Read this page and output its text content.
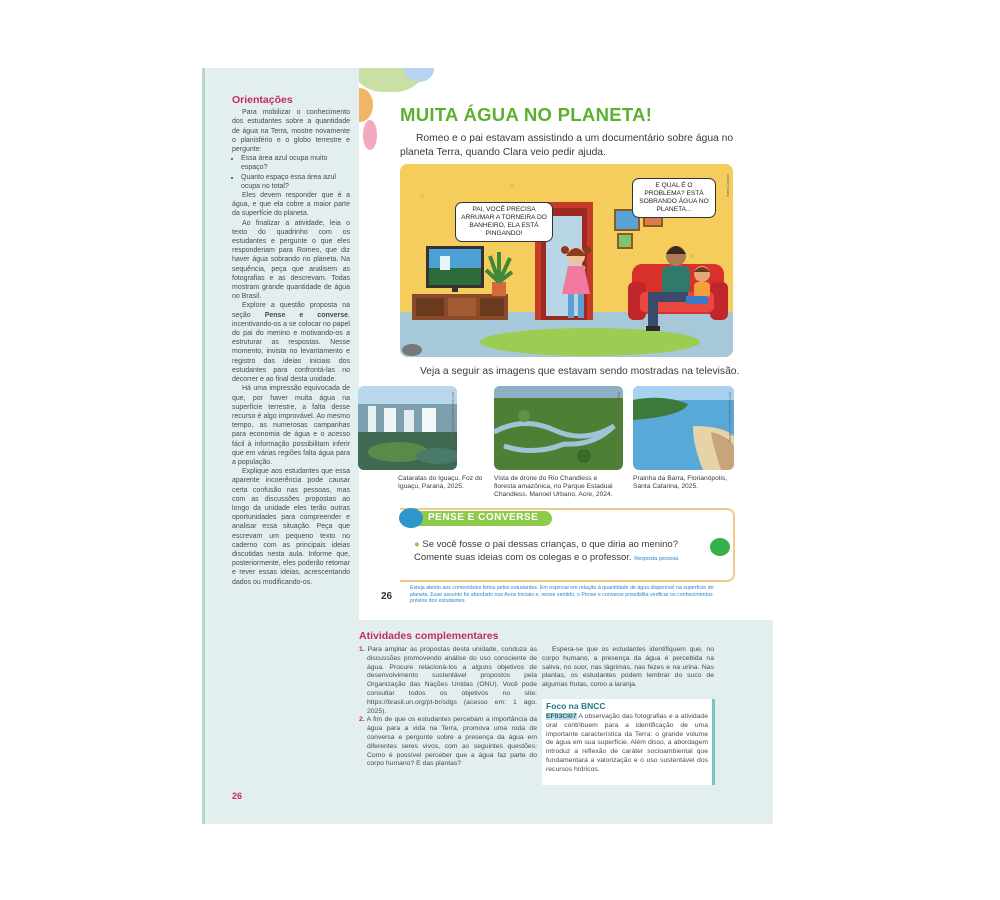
Orientações

Para mobilizar o conhecimento dos estudantes sobre a quantidade de água na Terra, mostre novamente o planisfério e o globo terrestre e pergunte:

• Essa área azul ocupa muito espaço?
• Quanto espaço essa área azul ocupa no total?

Eles devem responder que é a água, e que ela cobre a maior parte da superfície do planeta.

Ao finalizar a atividade, leia o texto do quadrinho com os estudantes e pergunte o que eles responderiam para Romeo, que diz haver água sobrando no planeta. Na sequência, peça que analisem as fotografias e as descrevam. Todas mostram grande quantidade de água no Brasil.

Explore a questão proposta na seção Pense e converse, incentivando-os a se colocar no papel do pai do menino e motivando-os a estruturar as respostas. Nesse momento, invista no levantamento e registro das ideias iniciais dos estudantes para confrontá-las no decorrer e ao final desta unidade.

Há uma impressão equivocada de que, por haver muita água na superfície terrestre, a falta desse recurso é algo improvável. Ao mesmo tempo, as numerosas campanhas para economia de água e o acesso fácil à informação possibilitam inferir que em várias regiões falta água para a população.

Explique aos estudantes que essa aparente incoerência pode causar certa confusão nas pessoas, mas com as discussões propostas ao longo da unidade eles terão outras oportunidades para compreender e analisar essa situação. Peça que escrevam um pequeno texto no caderno com as principais ideias discutidas nesta aula. Informe que, posteriormente, eles poderão retomar e rever essas ideias, acrescentando dados ou modificando-os.

MUITA ÁGUA NO PLANETA!

Romeo e o pai estavam assistindo a um documentário sobre água no planeta Terra, quando Clara veio pedir ajuda.

Ilustra Cartoon
PAI, VOCÊ PRECISA ARRUMAR A TORNEIRA DO BANHEIRO, ELA ESTÁ PINGANDO!
E QUAL É O PROBLEMA? ESTÁ SOBRANDO ÁGUA NO PLANETA...

Veja a seguir as imagens que estavam sendo mostradas na televisão.

Luciano Queiroz/Shutterstock.com	Marcio Isensee/Pulsar Imagens	Sergio Ranalli/Shutterstock.com
Cataratas do Iguaçu. Foz do Iguaçu, Paraná, 2025.
Vista de drone do Rio Chandless e floresta amazônica, no Parque Estadual Chandless. Manoel Urbano, Acre, 2024.
Prainha da Barra, Florianópolis, Santa Catarina, 2025.
PENSE E CONVERSE
● Se você fosse o pai dessas crianças, o que diria ao menino? Comente suas ideias com os colegas e o professor. Resposta pessoal.
26
Esteja atento aos comentários feitos pelos estudantes. Em especial em relação à quantidade de água disponível na superfície do planeta. Esse assunto foi abordado nos Anos Iniciais e, nesse sentido, o Pense e converse possibilita verificar os conhecimentos prévios dos estudantes.
Atividades complementares
1. Para ampliar as propostas desta unidade, conduza as discussões promovendo análise do uso consciente de água. Procure relacioná-los a alguns objetivos de desenvolvimento sustentável propostos pela Organização das Nações Unidas (ONU). Você pode consultar todos os objetivos no site: https://brasil.un.org/pt-br/sdgs (acesso em: 1 ago. 2025).
2. A fim de que os estudantes percebam a importância da água para a vida na Terra, promova uma roda de conversa e pergunte sobre a presença da água em diferentes seres vivos, com as seguintes questões: Como é possível perceber que a água faz parte do corpo humano? E das plantas?

Espera-se que os estudantes identifiquem que, no corpo humano, a presença da água é percebida na saliva, no suor, nas lágrimas, nas fezes e na urina. Nas plantas, os estudantes podem lembrar do suco de algumas frutas, como a laranja.

Foco na BNCC
EF03CI07 A observação das fotografias e a atividade oral contribuem para a identificação de uma importante característica da Terra: o grande volume de água em sua superfície. Além disso, a abordagem introduz a reflexão de caráter socioambiental que fundamentará a valorização e o uso sustentável dos recursos hídricos.
26
